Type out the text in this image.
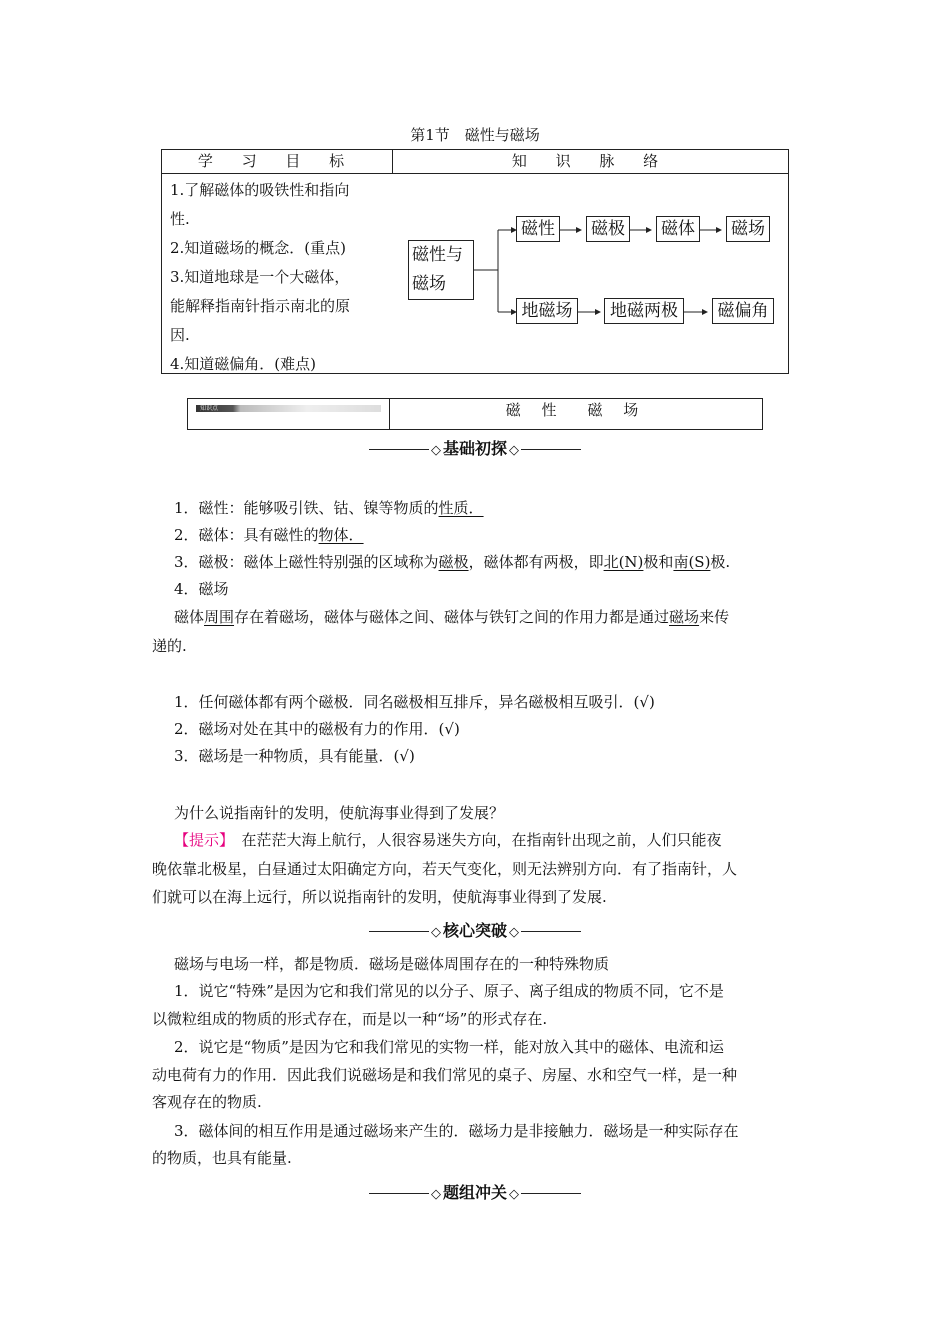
第1节　磁性与磁场
学 习 目 标	知 识 脉 络

1.了解磁体的吸铁性和指向

性.

2.知道磁场的概念．(重点)

3.知道地球是一个大磁体，

能解释指南针指示南北的原

因.

4.知道磁偏角．(难点)

磁性与
磁场
磁性 磁极 磁体 磁场
地磁场	地磁两极	磁偏角
知识点	磁 性　磁 场
◇ 基础初探 ◇
1．磁性：能够吸引铁、钴、镍等物质的性质．
2．磁体：具有磁性的物体．
3．磁极：磁体上磁性特别强的区域称为磁极，磁体都有两极，即北(N)极和南(S)极.
4．磁场
磁体周围存在着磁场，磁体与磁体之间、磁体与铁钉之间的作用力都是通过磁场来传
递的.
1．任何磁体都有两个磁极．同名磁极相互排斥，异名磁极相互吸引．(√)
2．磁场对处在其中的磁极有力的作用．(√)
3．磁场是一种物质，具有能量．(√)
为什么说指南针的发明，使航海事业得到了发展？
【提示】　在茫茫大海上航行，人很容易迷失方向，在指南针出现之前，人们只能夜
晚依靠北极星，白昼通过太阳确定方向，若天气变化，则无法辨别方向．有了指南针，人
们就可以在海上远行，所以说指南针的发明，使航海事业得到了发展.
◇ 核心突破 ◇
磁场与电场一样，都是物质．磁场是磁体周围存在的一种特殊物质
1．说它“特殊”是因为它和我们常见的以分子、原子、离子组成的物质不同，它不是
以微粒组成的物质的形式存在，而是以一种“场”的形式存在.
2．说它是“物质”是因为它和我们常见的实物一样，能对放入其中的磁体、电流和运
动电荷有力的作用．因此我们说磁场是和我们常见的桌子、房屋、水和空气一样，是一种
客观存在的物质.
3．磁体间的相互作用是通过磁场来产生的．磁场力是非接触力．磁场是一种实际存在
的物质，也具有能量.
◇ 题组冲关 ◇
